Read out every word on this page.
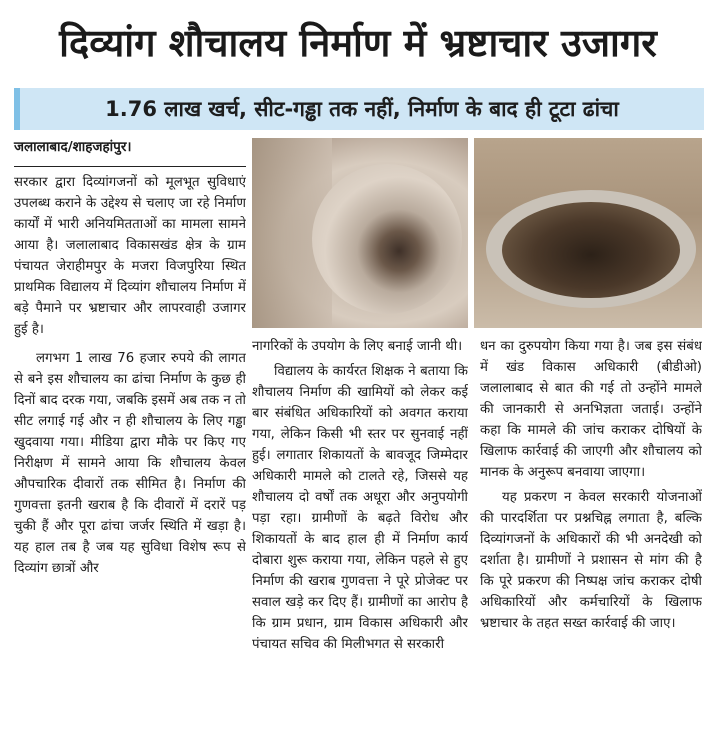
दिव्यांग शौचालय निर्माण में भ्रष्टाचार उजागर
1.76 लाख खर्च, सीट-गड्ढा तक नहीं, निर्माण के बाद ही टूटा ढांचा
जलालाबाद/शाहजहांपुर।

सरकार द्वारा दिव्यांगजनों को मूलभूत सुविधाएं उपलब्ध कराने के उद्देश्य से चलाए जा रहे निर्माण कार्यों में भारी अनियमितताओं का मामला सामने आया है। जलालाबाद विकासखंड क्षेत्र के ग्राम पंचायत जेराहीमपुर के मजरा विजपुरिया स्थित प्राथमिक विद्यालय में दिव्यांग शौचालय निर्माण में बड़े पैमाने पर भ्रष्टाचार और लापरवाही उजागर हुई है।

लगभग 1 लाख 76 हजार रुपये की लागत से बने इस शौचालय का ढांचा निर्माण के कुछ ही दिनों बाद दरक गया, जबकि इसमें अब तक न तो सीट लगाई गई और न ही शौचालय के लिए गड्ढा खुदवाया गया। मीडिया द्वारा मौके पर किए गए निरीक्षण में सामने आया कि शौचालय केवल औपचारिक दीवारों तक सीमित है। निर्माण की गुणवत्ता इतनी खराब है कि दीवारों में दरारें पड़ चुकी हैं और पूरा ढांचा जर्जर स्थिति में खड़ा है। यह हाल तब है जब यह सुविधा विशेष रूप से दिव्यांग छात्रों और

नागरिकों के उपयोग के लिए बनाई जानी थी।

विद्यालय के कार्यरत शिक्षक ने बताया कि शौचालय निर्माण की खामियों को लेकर कई बार संबंधित अधिकारियों को अवगत कराया गया, लेकिन किसी भी स्तर पर सुनवाई नहीं हुई। लगातार शिकायतों के बावजूद जिम्मेदार अधिकारी मामले को टालते रहे, जिससे यह शौचालय दो वर्षों तक अधूरा और अनुपयोगी पड़ा रहा। ग्रामीणों के बढ़ते विरोध और शिकायतों के बाद हाल ही में निर्माण कार्य दोबारा शुरू कराया गया, लेकिन पहले से हुए निर्माण की खराब गुणवत्ता ने पूरे प्रोजेक्ट पर सवाल खड़े कर दिए हैं। ग्रामीणों का आरोप है कि ग्राम प्रधान, ग्राम विकास अधिकारी और पंचायत सचिव की मिलीभगत से सरकारी

धन का दुरुपयोग किया गया है। जब इस संबंध में खंड विकास अधिकारी (बीडीओ) जलालाबाद से बात की गई तो उन्होंने मामले की जानकारी से अनभिज्ञता जताई। उन्होंने कहा कि मामले की जांच कराकर दोषियों के खिलाफ कार्रवाई की जाएगी और शौचालय को मानक के अनुरूप बनवाया जाएगा।

यह प्रकरण न केवल सरकारी योजनाओं की पारदर्शिता पर प्रश्नचिह्न लगाता है, बल्कि दिव्यांगजनों के अधिकारों की भी अनदेखी को दर्शाता है। ग्रामीणों ने प्रशासन से मांग की है कि पूरे प्रकरण की निष्पक्ष जांच कराकर दोषी अधिकारियों और कर्मचारियों के खिलाफ भ्रष्टाचार के तहत सख्त कार्रवाई की जाए।
